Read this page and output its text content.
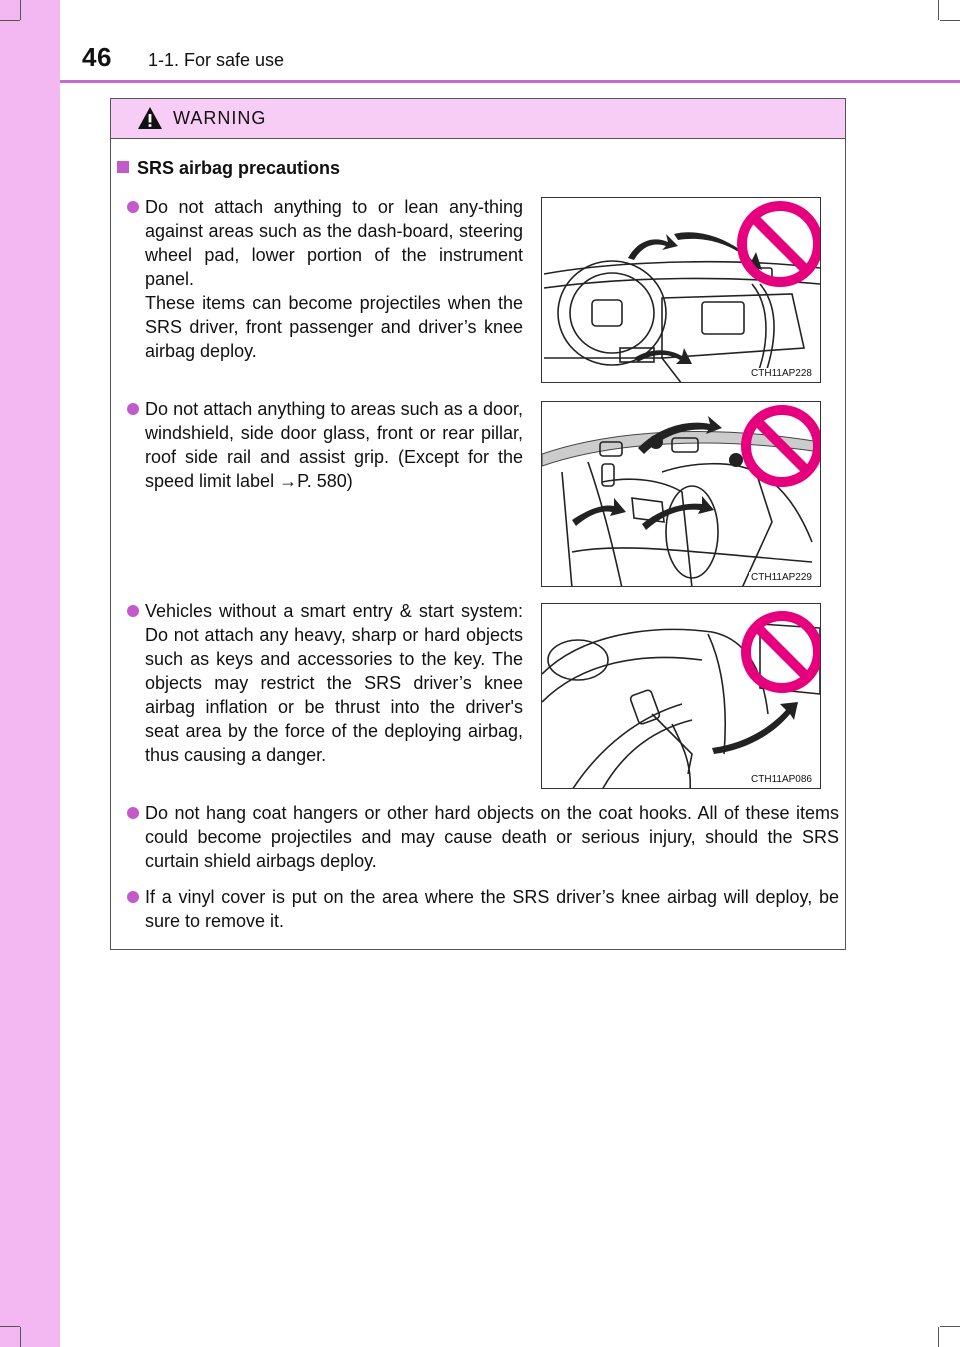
46 1-1. For safe use
WARNING
SRS airbag precautions

Do not attach anything to or lean any-thing against areas such as the dash-board, steering wheel pad, lower portion of the instrument panel.

These items can become projectiles when the SRS driver, front passenger and driver’s knee airbag deploy.

CTH11AP228

Do not attach anything to areas such as a door, windshield, side door glass, front or rear pillar, roof side rail and assist grip. (Except for the speed limit label →P. 580)

CTH11AP229

Vehicles without a smart entry & start system: Do not attach any heavy, sharp or hard objects such as keys and accessories to the key. The objects may restrict the SRS driver’s knee airbag inflation or be thrust into the driver's seat area by the force of the deploying airbag, thus causing a danger.

CTH11AP086

Do not hang coat hangers or other hard objects on the coat hooks. All of these items could become projectiles and may cause death or serious injury, should the SRS curtain shield airbags deploy.

If a vinyl cover is put on the area where the SRS driver’s knee airbag will deploy, be sure to remove it.
